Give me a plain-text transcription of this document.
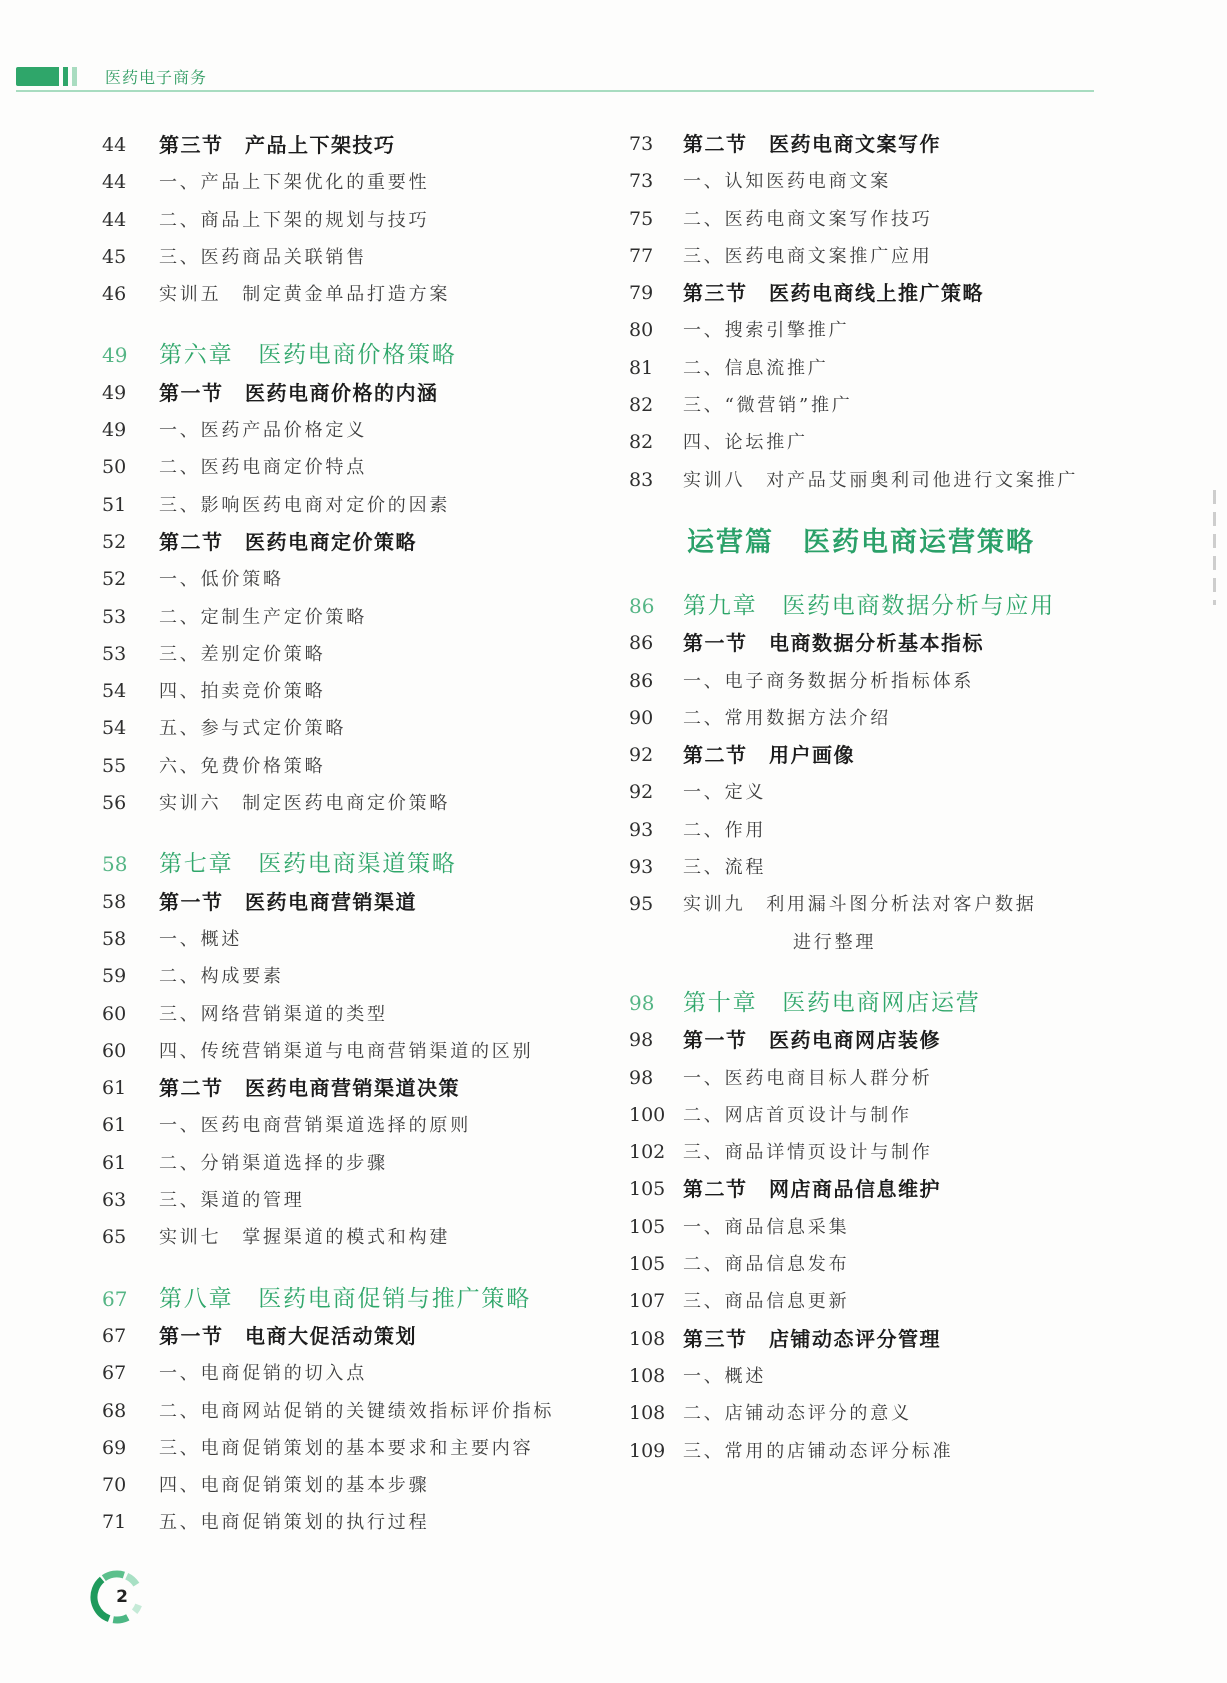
医药电子商务
44	第三节　产品上下架技巧
44	一、产品上下架优化的重要性
44	二、商品上下架的规划与技巧
45	三、医药商品关联销售
46	实训五　制定黄金单品打造方案
49	第六章　医药电商价格策略
49	第一节　医药电商价格的内涵
49	一、医药产品价格定义
50	二、医药电商定价特点
51	三、影响医药电商对定价的因素
52	第二节　医药电商定价策略
52	一、低价策略
53	二、定制生产定价策略
53	三、差别定价策略
54	四、拍卖竞价策略
54	五、参与式定价策略
55	六、免费价格策略
56	实训六　制定医药电商定价策略
58	第七章　医药电商渠道策略
58	第一节　医药电商营销渠道
58	一、概述
59	二、构成要素
60	三、网络营销渠道的类型
60	四、传统营销渠道与电商营销渠道的区别
61	第二节　医药电商营销渠道决策
61	一、医药电商营销渠道选择的原则
61	二、分销渠道选择的步骤
63	三、渠道的管理
65	实训七　掌握渠道的模式和构建
67	第八章　医药电商促销与推广策略
67	第一节　电商大促活动策划
67	一、电商促销的切入点
68	二、电商网站促销的关键绩效指标评价指标
69	三、电商促销策划的基本要求和主要内容
70	四、电商促销策划的基本步骤
71	五、电商促销策划的执行过程
73	第二节　医药电商文案写作
73	一、认知医药电商文案
75	二、医药电商文案写作技巧
77	三、医药电商文案推广应用
79	第三节　医药电商线上推广策略
80	一、搜索引擎推广
81	二、信息流推广
82	三、“微营销”推广
82	四、论坛推广
83	实训八　对产品艾丽奥利司他进行文案推广
运营篇　医药电商运营策略
86	第九章　医药电商数据分析与应用
86	第一节　电商数据分析基本指标
86	一、电子商务数据分析指标体系
90	二、常用数据方法介绍
92	第二节　用户画像
92	一、定义
93	二、作用
93	三、流程
95	实训九　利用漏斗图分析法对客户数据
进行整理
98	第十章　医药电商网店运营
98	第一节　医药电商网店装修
98	一、医药电商目标人群分析
100 二、网店首页设计与制作
102 三、商品详情页设计与制作
105 第二节　网店商品信息维护
105 一、商品信息采集
105 二、商品信息发布
107 三、商品信息更新
108 第三节　店铺动态评分管理
108 一、概述
108 二、店铺动态评分的意义
109 三、常用的店铺动态评分标准
2
